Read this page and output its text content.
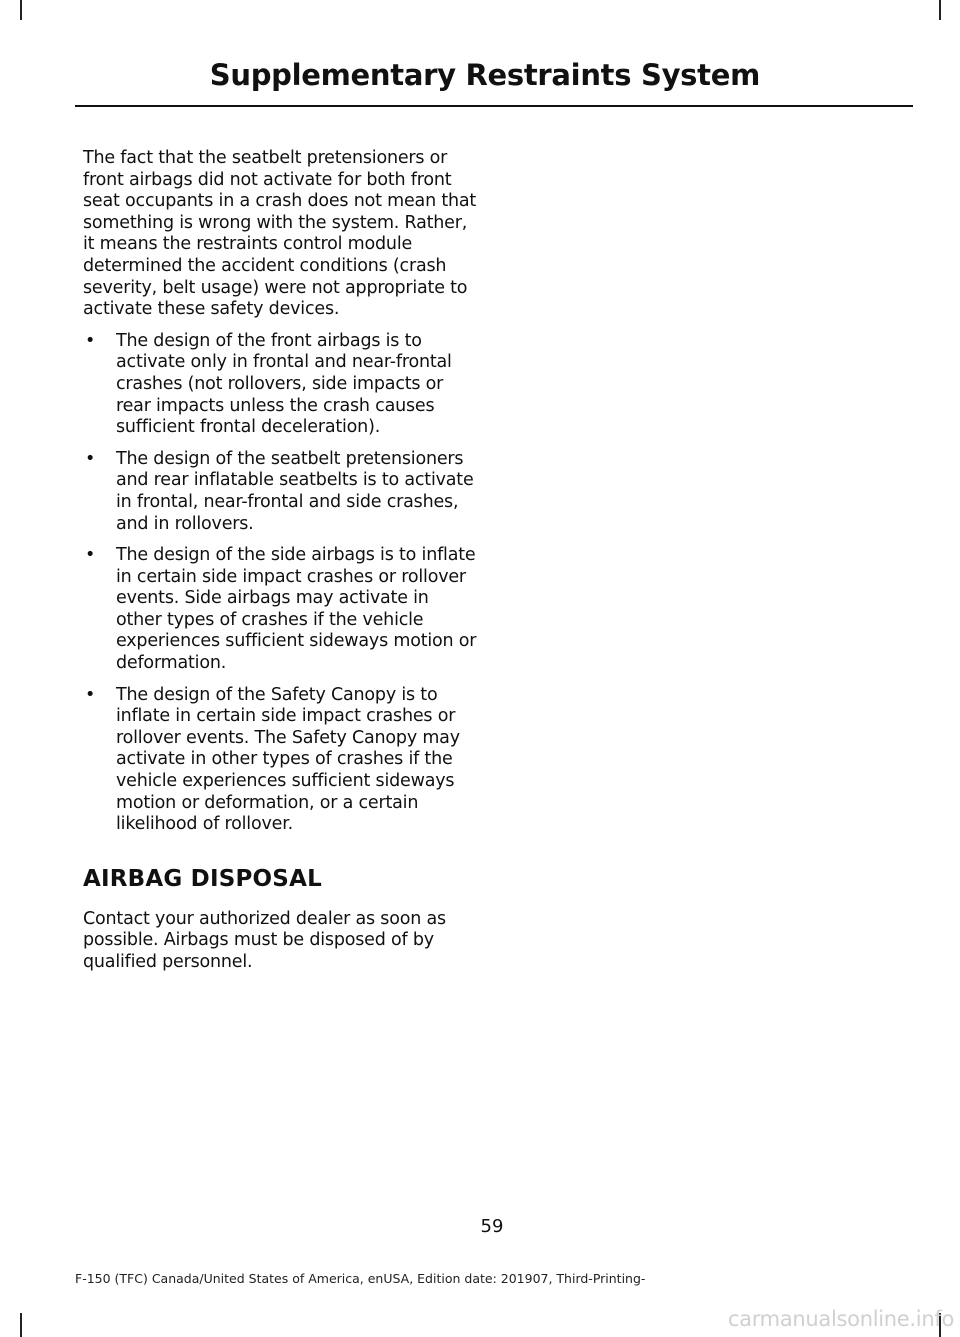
Supplementary Restraints System

The fact that the seatbelt pretensioners or front airbags did not activate for both front seat occupants in a crash does not mean that something is wrong with the system. Rather, it means the restraints control module determined the accident conditions (crash severity, belt usage) were not appropriate to activate these safety devices.

• The design of the front airbags is to activate only in frontal and near-frontal crashes (not rollovers, side impacts or rear impacts unless the crash causes sufficient frontal deceleration).
• The design of the seatbelt pretensioners and rear inflatable seatbelts is to activate in frontal, near-frontal and side crashes, and in rollovers.
• The design of the side airbags is to inflate in certain side impact crashes or rollover events. Side airbags may activate in other types of crashes if the vehicle experiences sufficient sideways motion or deformation.
• The design of the Safety Canopy is to inflate in certain side impact crashes or rollover events. The Safety Canopy may activate in other types of crashes if the vehicle experiences sufficient sideways motion or deformation, or a certain likelihood of rollover.
AIRBAG DISPOSAL

Contact your authorized dealer as soon as possible. Airbags must be disposed of by qualified personnel.

59
F-150 (TFC) Canada/United States of America, enUSA, Edition date: 201907, Third-Printing-
carmanualsonline.info
